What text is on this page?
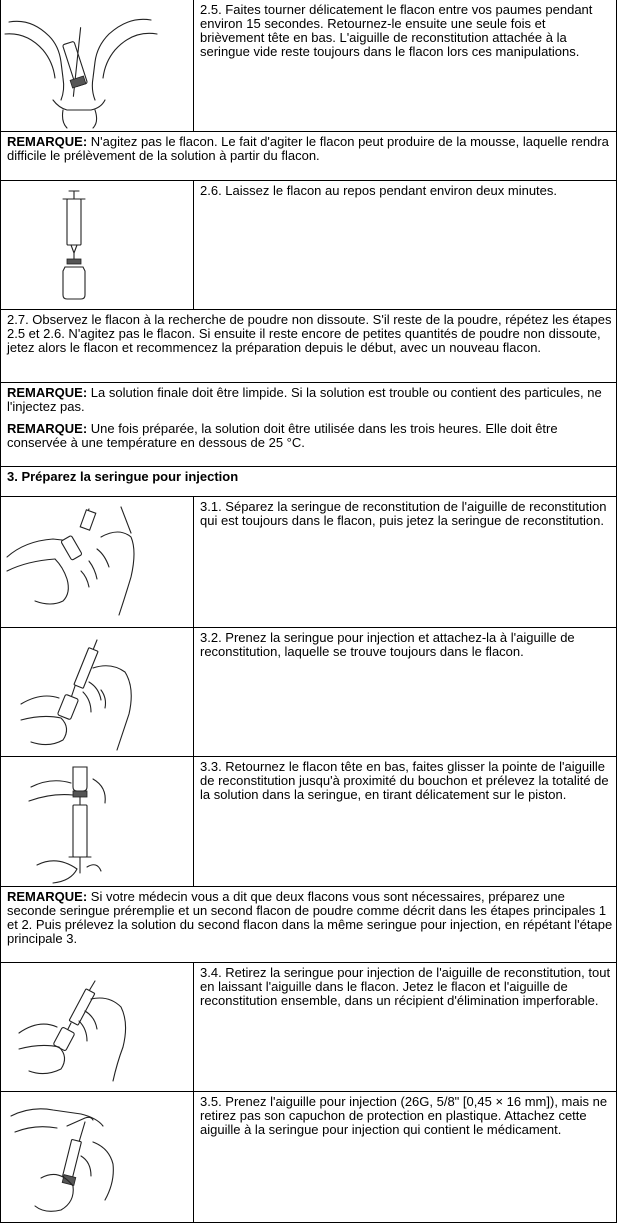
	2.5. Faites tourner délicatement le flacon entre vos paumes pendant environ 15 secondes. Retournez-le ensuite une seule fois et brièvement tête en bas. L'aiguille de reconstitution attachée à la seringue vide reste toujours dans le flacon lors ces manipulations.
REMARQUE: N'agitez pas le flacon. Le fait d'agiter le flacon peut produire de la mousse, laquelle rendra difficile le prélèvement de la solution à partir du flacon.	

	2.6. Laissez le flacon au repos pendant environ deux minutes.
2.7. Observez le flacon à la recherche de poudre non dissoute. S'il reste de la poudre, répétez les étapes 2.5 et 2.6. N'agitez pas le flacon. Si ensuite il reste encore de petites quantités de poudre non dissoute, jetez alors le flacon et recommencez la préparation depuis le début, avec un nouveau flacon.	

REMARQUE: La solution finale doit être limpide. Si la solution est trouble ou contient des particules, ne l'injectez pas.

REMARQUE: Une fois préparée, la solution doit être utilisée dans les trois heures. Elle doit être conservée à une température en dessous de 25 °C.	

3. Préparez la seringue pour injection	

	3.1. Séparez la seringue de reconstitution de l'aiguille de reconstitution qui est toujours dans le flacon, puis jetez la seringue de reconstitution.

	3.2. Prenez la seringue pour injection et attachez-la à l'aiguille de reconstitution, laquelle se trouve toujours dans le flacon.

	3.3. Retournez le flacon tête en bas, faites glisser la pointe de l'aiguille de reconstitution jusqu'à proximité du bouchon et prélevez la totalité de la solution dans la seringue, en tirant délicatement sur le piston.
REMARQUE: Si votre médecin vous a dit que deux flacons vous sont nécessaires, préparez une seconde seringue préremplie et un second flacon de poudre comme décrit dans les étapes principales 1 et 2. Puis prélevez la solution du second flacon dans la même seringue pour injection, en répétant l'étape principale 3.	

	3.4. Retirez la seringue pour injection de l'aiguille de reconstitution, tout en laissant l'aiguille dans le flacon. Jetez le flacon et l'aiguille de reconstitution ensemble, dans un récipient d'élimination imperforable.

	3.5. Prenez l'aiguille pour injection (26G, 5/8" [0,45 × 16 mm]), mais ne retirez pas son capuchon de protection en plastique. Attachez cette aiguille à la seringue pour injection qui contient le médicament.
